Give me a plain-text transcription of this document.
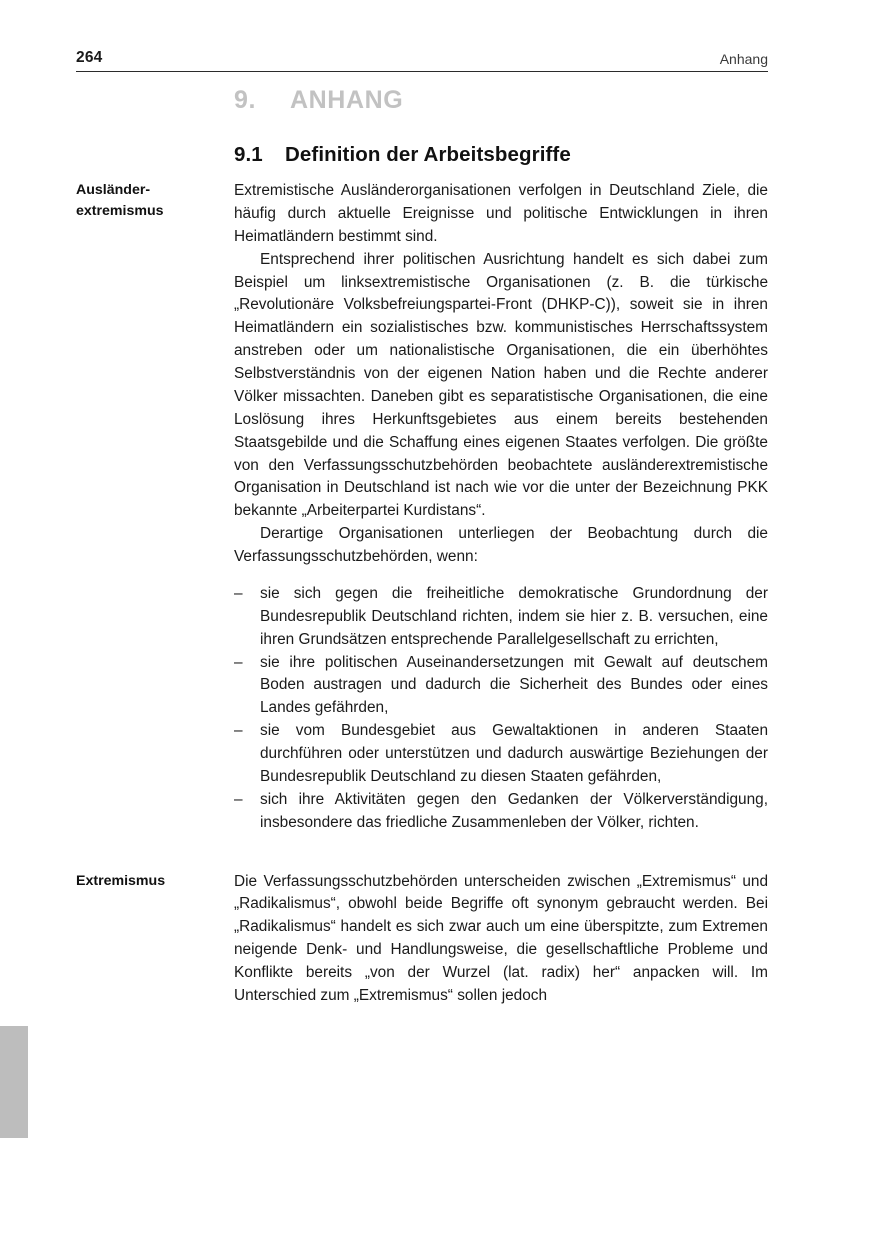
264	Anhang
9. ANHANG
9.1 Definition der Arbeitsbegriffe
Ausländer-
extremismus

Extremistische Ausländerorganisationen verfolgen in Deutschland Ziele, die häufig durch aktuelle Ereignisse und politische Entwicklungen in ihren Heimatländern bestimmt sind.

Entsprechend ihrer politischen Ausrichtung handelt es sich dabei zum Beispiel um linksextremistische Organisationen (z. B. die türkische „Revolutionäre Volksbefreiungspartei-Front (DHKP-C)), soweit sie in ihren Heimatländern ein sozialistisches bzw. kommunistisches Herrschaftssystem anstreben oder um nationalistische Organisationen, die ein überhöhtes Selbstverständnis von der eigenen Nation haben und die Rechte anderer Völker missachten. Daneben gibt es separatistische Organisationen, die eine Loslösung ihres Herkunftsgebietes aus einem bereits bestehenden Staatsgebilde und die Schaffung eines eigenen Staates verfolgen. Die größte von den Verfassungsschutzbehörden beobachtete ausländerextremistische Organisation in Deutschland ist nach wie vor die unter der Bezeichnung PKK bekannte „Arbeiterpartei Kurdistans“.

Derartige Organisationen unterliegen der Beobachtung durch die Verfassungsschutzbehörden, wenn:

– sie sich gegen die freiheitliche demokratische Grundordnung der Bundesrepublik Deutschland richten, indem sie hier z. B. versuchen, eine ihren Grundsätzen entsprechende Parallelgesellschaft zu errichten,
– sie ihre politischen Auseinandersetzungen mit Gewalt auf deutschem Boden austragen und dadurch die Sicherheit des Bundes oder eines Landes gefährden,
– sie vom Bundesgebiet aus Gewaltaktionen in anderen Staaten durchführen oder unterstützen und dadurch auswärtige Beziehungen der Bundesrepublik Deutschland zu diesen Staaten gefährden,
– sich ihre Aktivitäten gegen den Gedanken der Völkerverständigung, insbesondere das friedliche Zusammenleben der Völker, richten.
Extremismus	Die Verfassungsschutzbehörden unterscheiden zwischen „Extremismus“ und „Radikalismus“, obwohl beide Begriffe oft synonym gebraucht werden. Bei „Radikalismus“ handelt es sich zwar auch um eine überspitzte, zum Extremen neigende Denk- und Handlungsweise, die gesellschaftliche Probleme und Konflikte bereits „von der Wurzel (lat. radix) her“ anpacken will. Im Unterschied zum „Extremismus“ sollen jedoch
